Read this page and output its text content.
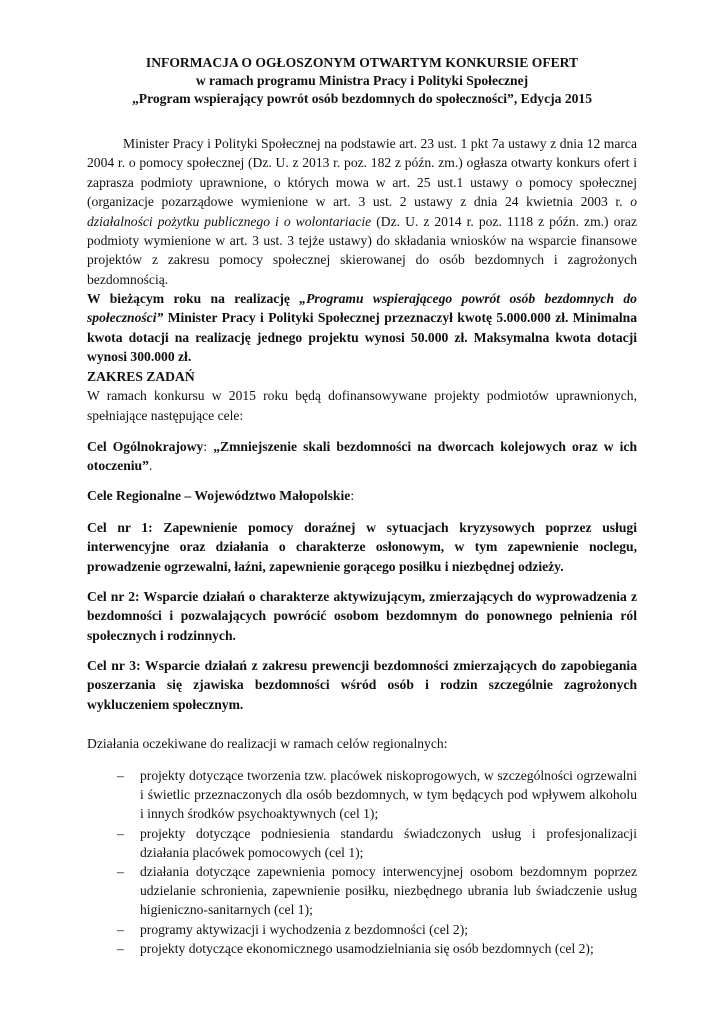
INFORMACJA O OGŁOSZONYM OTWARTYM KONKURSIE OFERT
w ramach programu Ministra Pracy i Polityki Społecznej
„Program wspierający powrót osób bezdomnych do społeczności”, Edycja 2015
Minister Pracy i Polityki Społecznej na podstawie art. 23 ust. 1 pkt 7a ustawy z dnia 12 marca 2004 r. o pomocy społecznej (Dz. U. z 2013 r. poz. 182 z późn. zm.) ogłasza otwarty konkurs ofert i zaprasza podmioty uprawnione, o których mowa w art. 25 ust.1 ustawy o pomocy społecznej (organizacje pozarządowe wymienione w art. 3 ust. 2 ustawy z dnia 24 kwietnia 2003 r. o działalności pożytku publicznego i o wolontariacie (Dz. U. z 2014 r. poz. 1118 z późn. zm.) oraz podmioty wymienione w art. 3 ust. 3 tejże ustawy) do składania wniosków na wsparcie finansowe projektów z zakresu pomocy społecznej skierowanej do osób bezdomnych i zagrożonych bezdomnością.
W bieżącym roku na realizację „Programu wspierającego powrót osób bezdomnych do społeczności” Minister Pracy i Polityki Społecznej przeznaczył kwotę 5.000.000 zł. Minimalna kwota dotacji na realizację jednego projektu wynosi 50.000 zł. Maksymalna kwota dotacji wynosi 300.000 zł.
ZAKRES ZADAŃ
W ramach konkursu w 2015 roku będą dofinansowywane projekty podmiotów uprawnionych, spełniające następujące cele:
Cel Ogólnokrajowy: „Zmniejszenie skali bezdomności na dworcach kolejowych oraz w ich otoczeniu”.
Cele Regionalne – Województwo Małopolskie:
Cel nr 1: Zapewnienie pomocy doraźnej w sytuacjach kryzysowych poprzez usługi interwencyjne oraz działania o charakterze osłonowym, w tym zapewnienie noclegu, prowadzenie ogrzewalni, łaźni, zapewnienie gorącego posiłku i niezbędnej odzieży.
Cel nr 2: Wsparcie działań o charakterze aktywizującym, zmierzających do wyprowadzenia z bezdomności i pozwalających powrócić osobom bezdomnym do ponownego pełnienia ról społecznych i rodzinnych.
Cel nr 3: Wsparcie działań z zakresu prewencji bezdomności zmierzających do zapobiegania poszerzania się zjawiska bezdomności wśród osób i rodzin szczególnie zagrożonych wykluczeniem społecznym.
Działania oczekiwane do realizacji w ramach celów regionalnych:
– projekty dotyczące tworzenia tzw. placówek niskoprogowych, w szczególności ogrzewalni i świetlic przeznaczonych dla osób bezdomnych, w tym będących pod wpływem alkoholu i innych środków psychoaktywnych (cel 1);
– projekty dotyczące podniesienia standardu świadczonych usług i profesjonalizacji działania placówek pomocowych (cel 1);
– działania dotyczące zapewnienia pomocy interwencyjnej osobom bezdomnym poprzez udzielanie schronienia, zapewnienie posiłku, niezbędnego ubrania lub świadczenie usług higieniczno-sanitarnych (cel 1);
– programy aktywizacji i wychodzenia z bezdomności (cel 2);
– projekty dotyczące ekonomicznego usamodzielniania się osób bezdomnych (cel 2);
